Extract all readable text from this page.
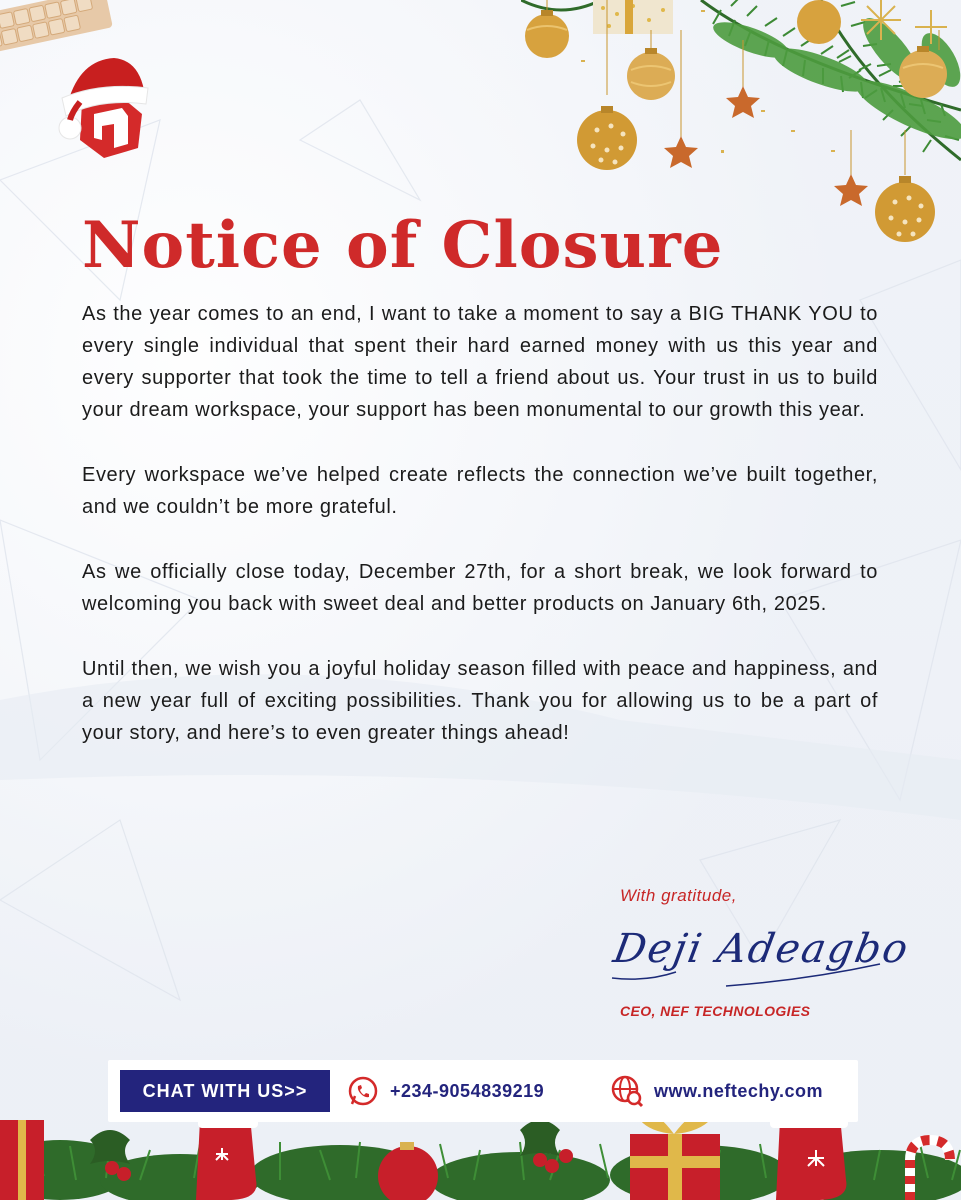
Notice of Closure

As the year comes to an end, I want to take a moment to say a BIG THANK YOU to every single individual that spent their hard earned money with us this year and every supporter that took the time to tell a friend about us. Your trust in us to build your dream workspace, your support has been monumental to our growth this year.

Every workspace we’ve helped create reflects the connection we’ve built together, and we couldn’t be more grateful.

As we officially close today, December 27th, for a short break, we look forward to welcoming you back with sweet deal and better products on January 6th, 2025.

Until then, we wish you a joyful holiday season filled with peace and happiness, and a new year full of exciting possibilities. Thank you for allowing us to be a part of your story, and here’s to even greater things ahead!

With gratitude,
Deji Adeagbo
CEO, NEF TECHNOLOGIES
CHAT WITH US>>	+234-9054839219	www.neftechy.com
